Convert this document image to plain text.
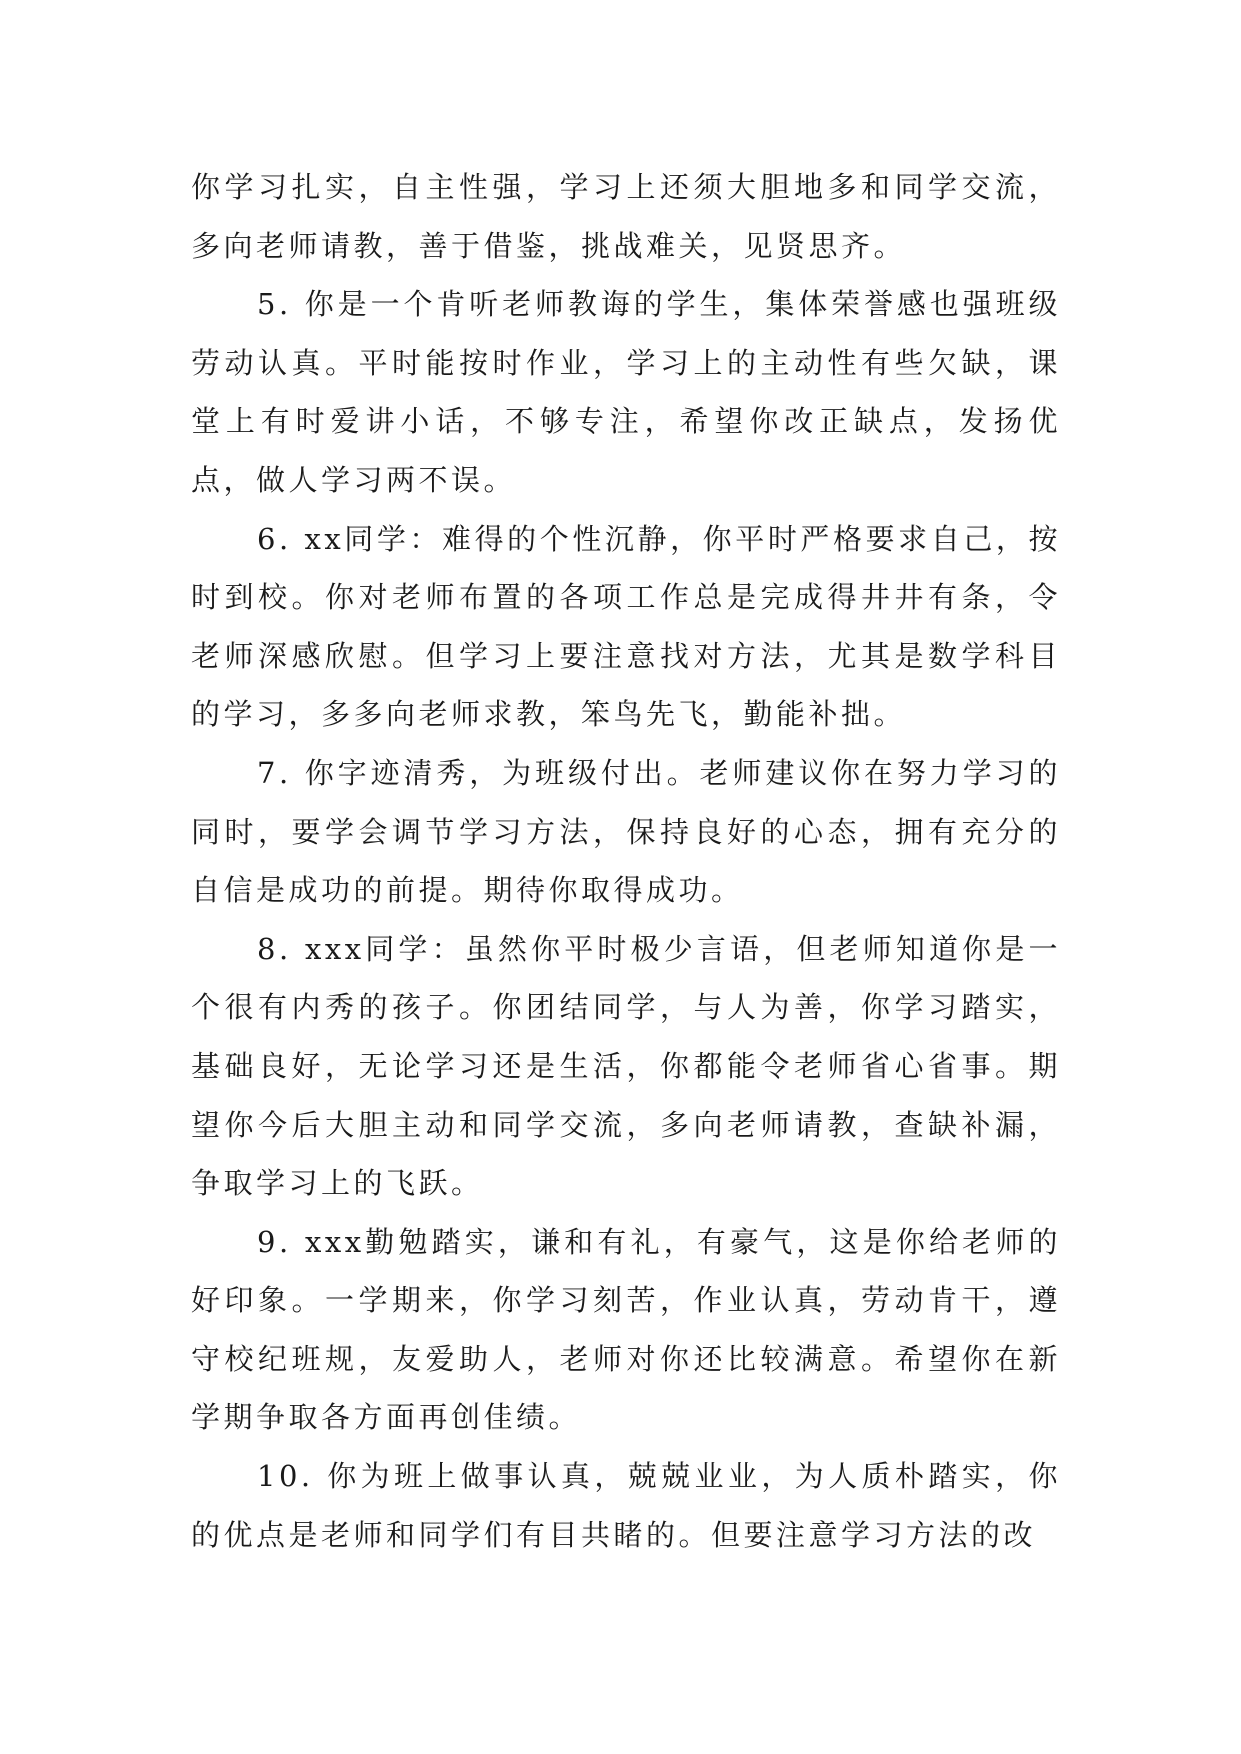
你学习扎实，自主性强，学习上还须大胆地多和同学交流，多向老师请教，善于借鉴，挑战难关，见贤思齐。

5. 你是一个肯听老师教诲的学生，集体荣誉感也强班级劳动认真。平时能按时作业，学习上的主动性有些欠缺，课堂上有时爱讲小话，不够专注，希望你改正缺点，发扬优点，做人学习两不误。

6. xx同学：难得的个性沉静，你平时严格要求自己，按时到校。你对老师布置的各项工作总是完成得井井有条，令老师深感欣慰。但学习上要注意找对方法，尤其是数学科目的学习，多多向老师求教，笨鸟先飞，勤能补拙。

7. 你字迹清秀，为班级付出。老师建议你在努力学习的同时，要学会调节学习方法，保持良好的心态，拥有充分的自信是成功的前提。期待你取得成功。

8. xxx同学：虽然你平时极少言语，但老师知道你是一个很有内秀的孩子。你团结同学，与人为善，你学习踏实，基础良好，无论学习还是生活，你都能令老师省心省事。期望你今后大胆主动和同学交流，多向老师请教，查缺补漏，争取学习上的飞跃。

9. xxx勤勉踏实，谦和有礼，有豪气，这是你给老师的好印象。一学期来，你学习刻苦，作业认真，劳动肯干，遵守校纪班规，友爱助人，老师对你还比较满意。希望你在新学期争取各方面再创佳绩。

10. 你为班上做事认真，兢兢业业，为人质朴踏实，你的优点是老师和同学们有目共睹的。但要注意学习方法的改
